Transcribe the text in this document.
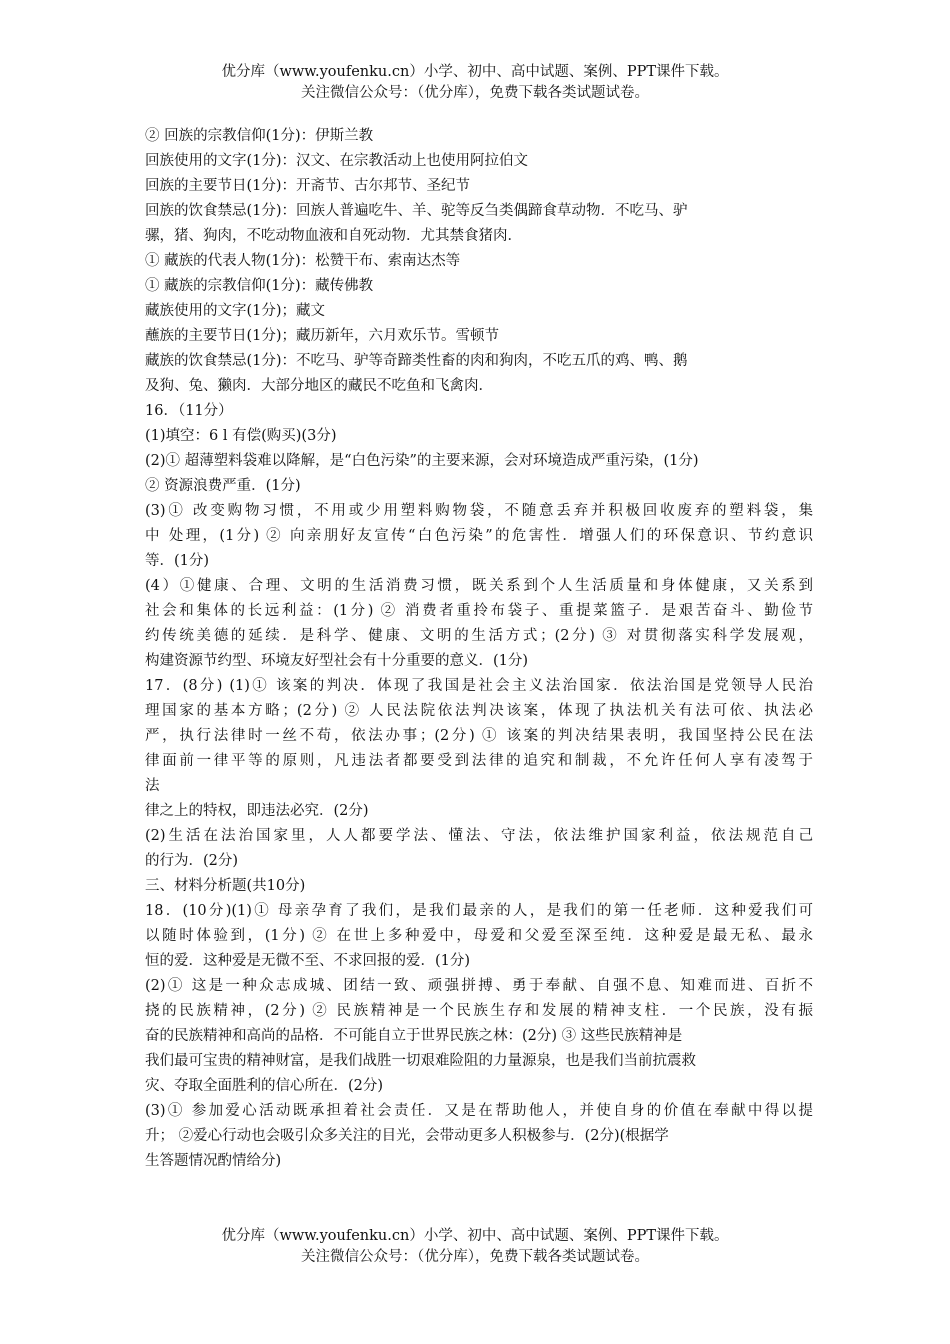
优分库（www.youfenku.cn）小学、初中、高中试题、案例、PPT课件下载。
关注微信公众号：（优分库），免费下载各类试题试卷。
② 回族的宗教信仰(1分)：伊斯兰教
回族使用的文字(1分)：汉文、在宗教活动上也使用阿拉伯文
回族的主要节日(1分)：开斋节、古尔邦节、圣纪节
回族的饮食禁忌(1分)：回族人普遍吃牛、羊、驼等反刍类偶蹄食草动物．不吃马、驴
骡，猪、狗肉，不吃动物血液和自死动物．尤其禁食猪肉．
① 藏族的代表人物(1分)：松赞干布、索南达杰等
① 藏族的宗教信仰(1分)：藏传佛教
藏族使用的文字(1分)；藏文
蘸族的主要节日(1分)；藏历新年，六月欢乐节。雪顿节
藏族的饮食禁忌(1分)：不吃马、驴等奇蹄类性畜的肉和狗肉，不吃五爪的鸡、鸭、鹅
及狗、兔、獭肉．大部分地区的藏民不吃鱼和飞禽肉．
16．（11分）
(1)填空：6 l 有偿(购买)(3分)
(2)① 超薄塑料袋难以降解，是“白色污染”的主要来源，会对环境造成严重污染，(1分)
② 资源浪费严重．(1分)
(3)① 改变购物习惯，不用或少用塑料购物袋，不随意丢弃并积极回收废弃的塑料袋，集
中 处理，(1分) ② 向亲朋好友宣传“白色污染”的危害性．增强人们的环保意识、节约意识
等．(1分)
(4）①健康、合理、文明的生活消费习惯，既关系到个人生活质量和身体健康，又关系到
社会和集体的长远利益：(1分) ② 消费者重拎布袋子、重提菜篮子．是艰苦奋斗、勤俭节
约传统美德的延续．是科学、健康、文明的生活方式；(2分) ③ 对贯彻落实科学发展观，
构建资源节约型、环境友好型社会有十分重要的意义．(1分)
17．(8分) (1)① 该案的判决．体现了我国是社会主义法治国家．依法治国是党领导人民治
理国家的基本方略；(2分) ② 人民法院依法判决该案，体现了执法机关有法可依、执法必
严，执行法律时一丝不苟，依法办事；(2分) ① 该案的判决结果表明，我国坚持公民在法
律面前一律平等的原则，凡违法者都要受到法律的追究和制裁，不允许任何人享有凌驾于
法
律之上的特权，即违法必究．(2分)
(2)生活在法治国家里，人人都要学法、懂法、守法，依法维护国家利益，依法规范自己
的行为．(2分)
三、材料分析题(共10分)
18．(10分)(1)① 母亲孕育了我们，是我们最亲的人，是我们的第一任老师．这种爱我们可
以随时体验到，(1分) ② 在世上多种爱中，母爱和父爱至深至纯．这种爱是最无私、最永
恒的爱．这种爱是无微不至、不求回报的爱．(1分)
(2)① 这是一种众志成城、团结一致、顽强拼搏、勇于奉献、自强不息、知难而进、百折不
挠的民族精神，(2分) ② 民族精神是一个民族生存和发展的精神支柱．一个民族，没有振
奋的民族精神和高尚的品格．不可能自立于世界民族之林：(2分) ③ 这些民族精神是
我们最可宝贵的精神财富，是我们战胜一切艰难险阻的力量源泉，也是我们当前抗震救
灾、夺取全面胜利的信心所在．(2分)
(3)① 参加爱心活动既承担着社会责任．又是在帮助他人，并使自身的价值在奉献中得以提
升； ②爱心行动也会吸引众多关注的目光，会带动更多人积极参与．(2分)(根据学
生答题情况酌情给分)
优分库（www.youfenku.cn）小学、初中、高中试题、案例、PPT课件下载。
关注微信公众号：（优分库），免费下载各类试题试卷。
